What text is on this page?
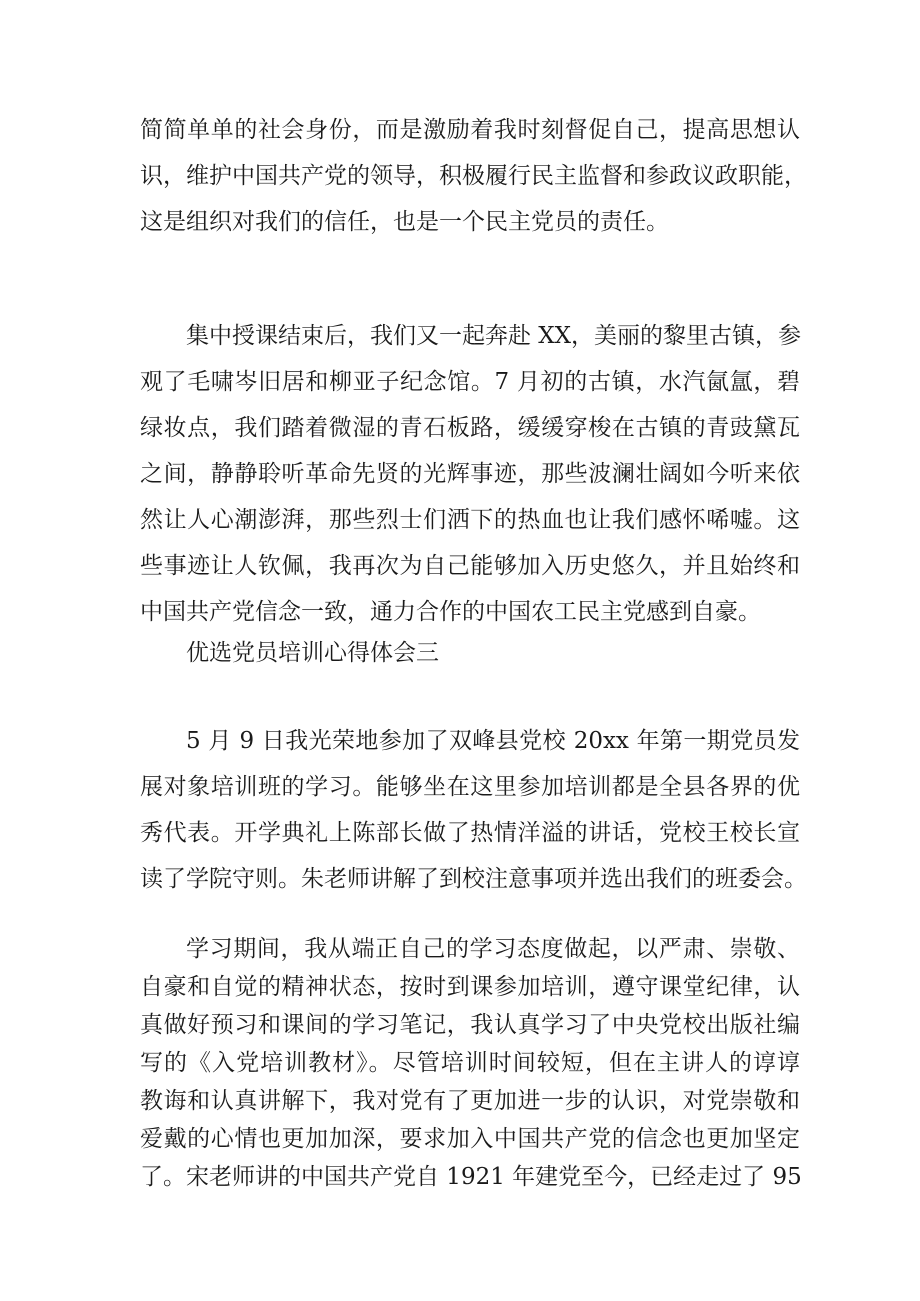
简简单单的社会身份，而是激励着我时刻督促自己，提高思想认
识，维护中国共产党的领导，积极履行民主监督和参政议政职能，
这是组织对我们的信任，也是一个民主党员的责任。
集中授课结束后，我们又一起奔赴 XX，美丽的黎里古镇，参
观了毛啸岑旧居和柳亚子纪念馆。7 月初的古镇，水汽氤氲，碧
绿妆点，我们踏着微湿的青石板路，缓缓穿梭在古镇的青豉黛瓦
之间，静静聆听革命先贤的光辉事迹，那些波澜壮阔如今听来依
然让人心潮澎湃，那些烈士们洒下的热血也让我们感怀唏嘘。这
些事迹让人钦佩，我再次为自己能够加入历史悠久，并且始终和
中国共产党信念一致，通力合作的中国农工民主党感到自豪。
优选党员培训心得体会三
5 月 9 日我光荣地参加了双峰县党校 20xx 年第一期党员发
展对象培训班的学习。能够坐在这里参加培训都是全县各界的优
秀代表。开学典礼上陈部长做了热情洋溢的讲话，党校王校长宣
读了学院守则。朱老师讲解了到校注意事项并选出我们的班委会。
学习期间，我从端正自己的学习态度做起，以严肃、崇敬、
自豪和自觉的精神状态，按时到课参加培训，遵守课堂纪律，认
真做好预习和课间的学习笔记，我认真学习了中央党校出版社编
写的《入党培训教材》。尽管培训时间较短，但在主讲人的谆谆
教诲和认真讲解下，我对党有了更加进一步的认识，对党崇敬和
爱戴的心情也更加加深，要求加入中国共产党的信念也更加坚定
了。宋老师讲的中国共产党自 1921 年建党至今，已经走过了 95
